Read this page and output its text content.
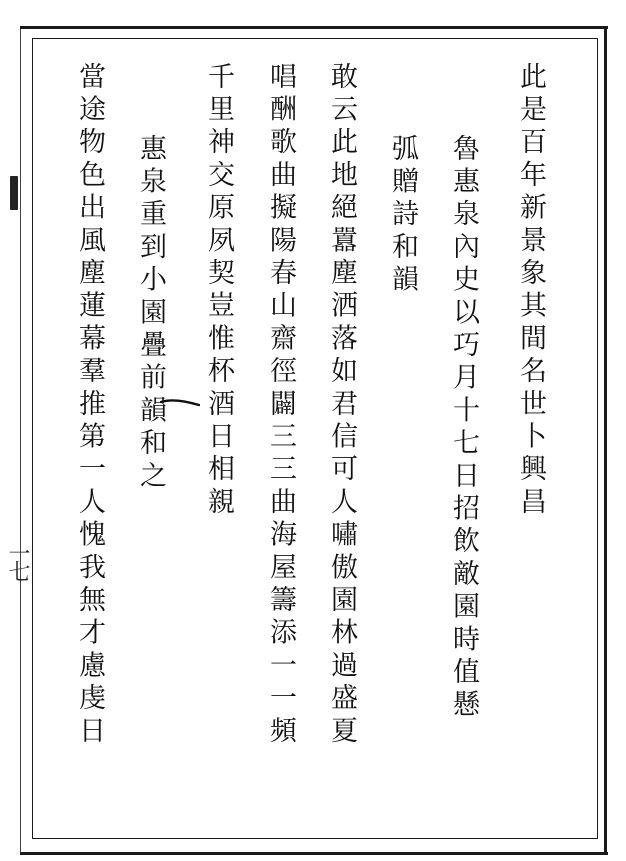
一七
此是百年新景象其間名世卜興昌
魯惠泉內史以巧月十七日招飲敵園時值懸
弧贈詩和韻
敢云此地絕囂塵洒落如君信可人嘯傲園林過盛夏
唱酬歌曲擬陽春山齋徑闢三三曲海屋籌添一一頻
千里神交原夙契豈惟杯酒日相親
惠泉重到小園疊前韻和之
當途物色出風塵蓮幕羣推第一人愧我無才慮虔日
